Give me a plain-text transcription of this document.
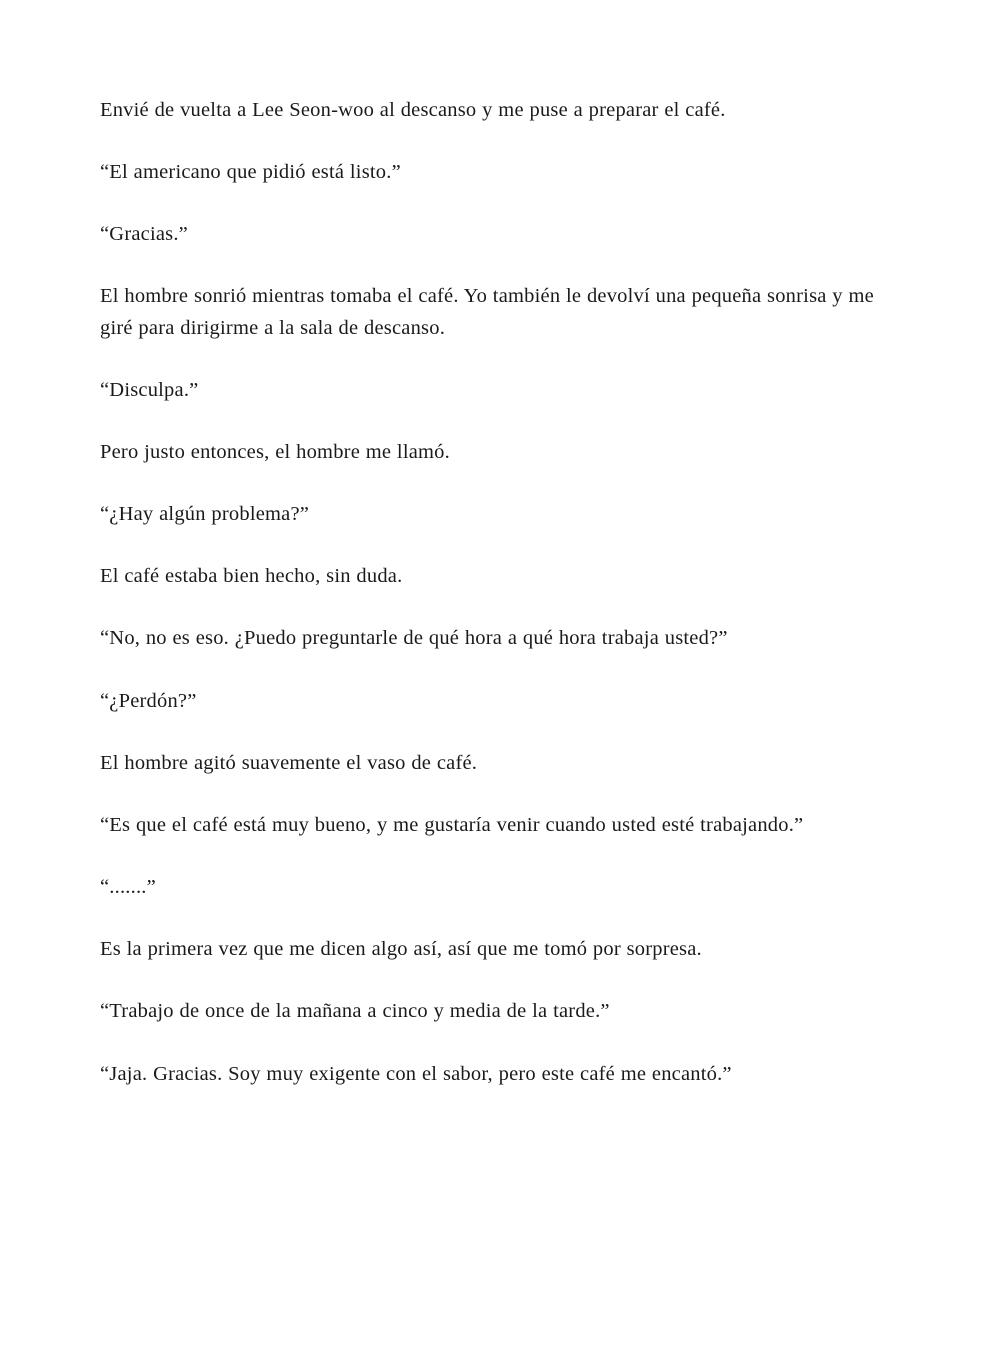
Envié de vuelta a Lee Seon-woo al descanso y me puse a preparar el café.

“El americano que pidió está listo.”

“Gracias.”

El hombre sonrió mientras tomaba el café. Yo también le devolví una pequeña sonrisa y me giré para dirigirme a la sala de descanso.

“Disculpa.”

Pero justo entonces, el hombre me llamó.

“¿Hay algún problema?”

El café estaba bien hecho, sin duda.

“No, no es eso. ¿Puedo preguntarle de qué hora a qué hora trabaja usted?”

“¿Perdón?”

El hombre agitó suavemente el vaso de café.

“Es que el café está muy bueno, y me gustaría venir cuando usted esté trabajando.”

“.......”

Es la primera vez que me dicen algo así, así que me tomó por sorpresa.

“Trabajo de once de la mañana a cinco y media de la tarde.”

“Jaja. Gracias. Soy muy exigente con el sabor, pero este café me encantó.”
